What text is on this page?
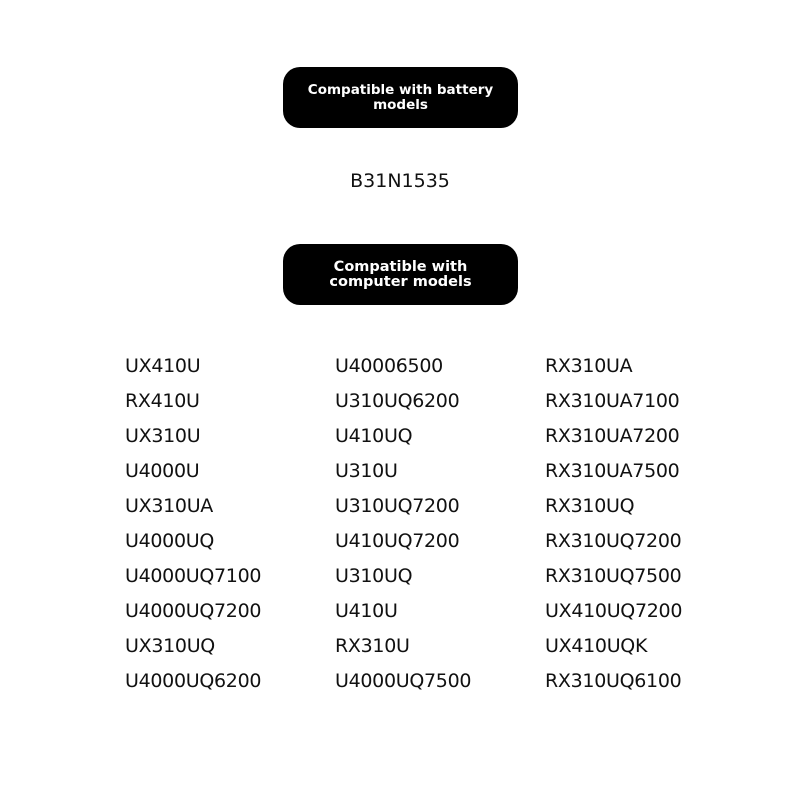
Compatible with battery models
B31N1535
Compatible with computer models
UX410U
RX410U
UX310U
U4000U
UX310UA
U4000UQ
U4000UQ7100
U4000UQ7200
UX310UQ
U4000UQ6200
U40006500
U310UQ6200
U410UQ
U310U
U310UQ7200
U410UQ7200
U310UQ
U410U
RX310U
U4000UQ7500
RX310UA
RX310UA7100
RX310UA7200
RX310UA7500
RX310UQ
RX310UQ7200
RX310UQ7500
UX410UQ7200
UX410UQK
RX310UQ6100
